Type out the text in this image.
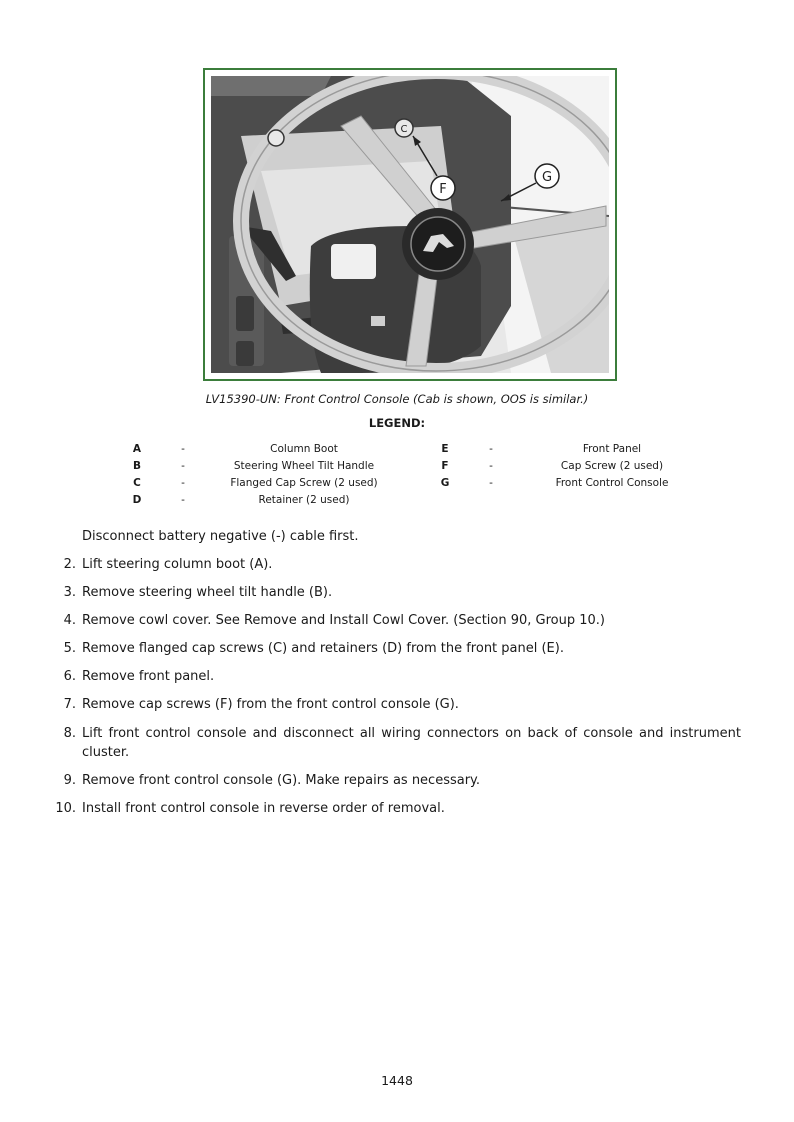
C
F
G
LV15390-UN: Front Control Console (Cab is shown, OOS is similar.)
LEGEND:
A	-	Column Boot	E	-	Front Panel
B	-	Steering Wheel Tilt Handle	F	-	Cap Screw (2 used)
C	-	Flanged Cap Screw (2 used)	G	-	Front Control Console
D	-	Retainer (2 used)
Disconnect battery negative (-) cable first.
2. Lift steering column boot (A).
3. Remove steering wheel tilt handle (B).
4. Remove cowl cover. See Remove and Install Cowl Cover. (Section 90, Group 10.)
5. Remove flanged cap screws (C) and retainers (D) from the front panel (E).
6. Remove front panel.
7. Remove cap screws (F) from the front control console (G).
8. Lift front control console and disconnect all wiring connectors on back of console and instrument cluster.
9. Remove front control console (G). Make repairs as necessary.
10. Install front control console in reverse order of removal.
1448
